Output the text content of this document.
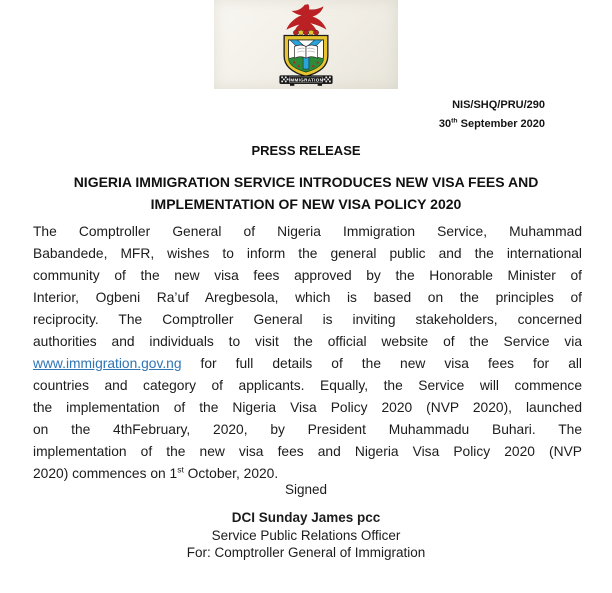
IMMIGRATION
NIS/SHQ/PRU/290
30th September 2020
PRESS RELEASE
NIGERIA IMMIGRATION SERVICE INTRODUCES NEW VISA FEES AND
IMPLEMENTATION OF NEW VISA POLICY 2020
The Comptroller General of Nigeria Immigration Service, Muhammad
Babandede, MFR, wishes to inform the general public and the international
community of the new visa fees approved by the Honorable Minister of
Interior, Ogbeni Ra’uf Aregbesola, which is based on the principles of
reciprocity. The Comptroller General is inviting stakeholders, concerned
authorities and individuals to visit the official website of the Service via
www.immigration.gov.ng for full details of the new visa fees for all
countries and category of applicants. Equally, the Service will commence
the implementation of the Nigeria Visa Policy 2020 (NVP 2020), launched
on the 4thFebruary, 2020, by President Muhammadu Buhari. The
implementation of the new visa fees and Nigeria Visa Policy 2020 (NVP
2020) commences on 1st October, 2020.
Signed
DCI Sunday James pcc
Service Public Relations Officer
For: Comptroller General of Immigration
